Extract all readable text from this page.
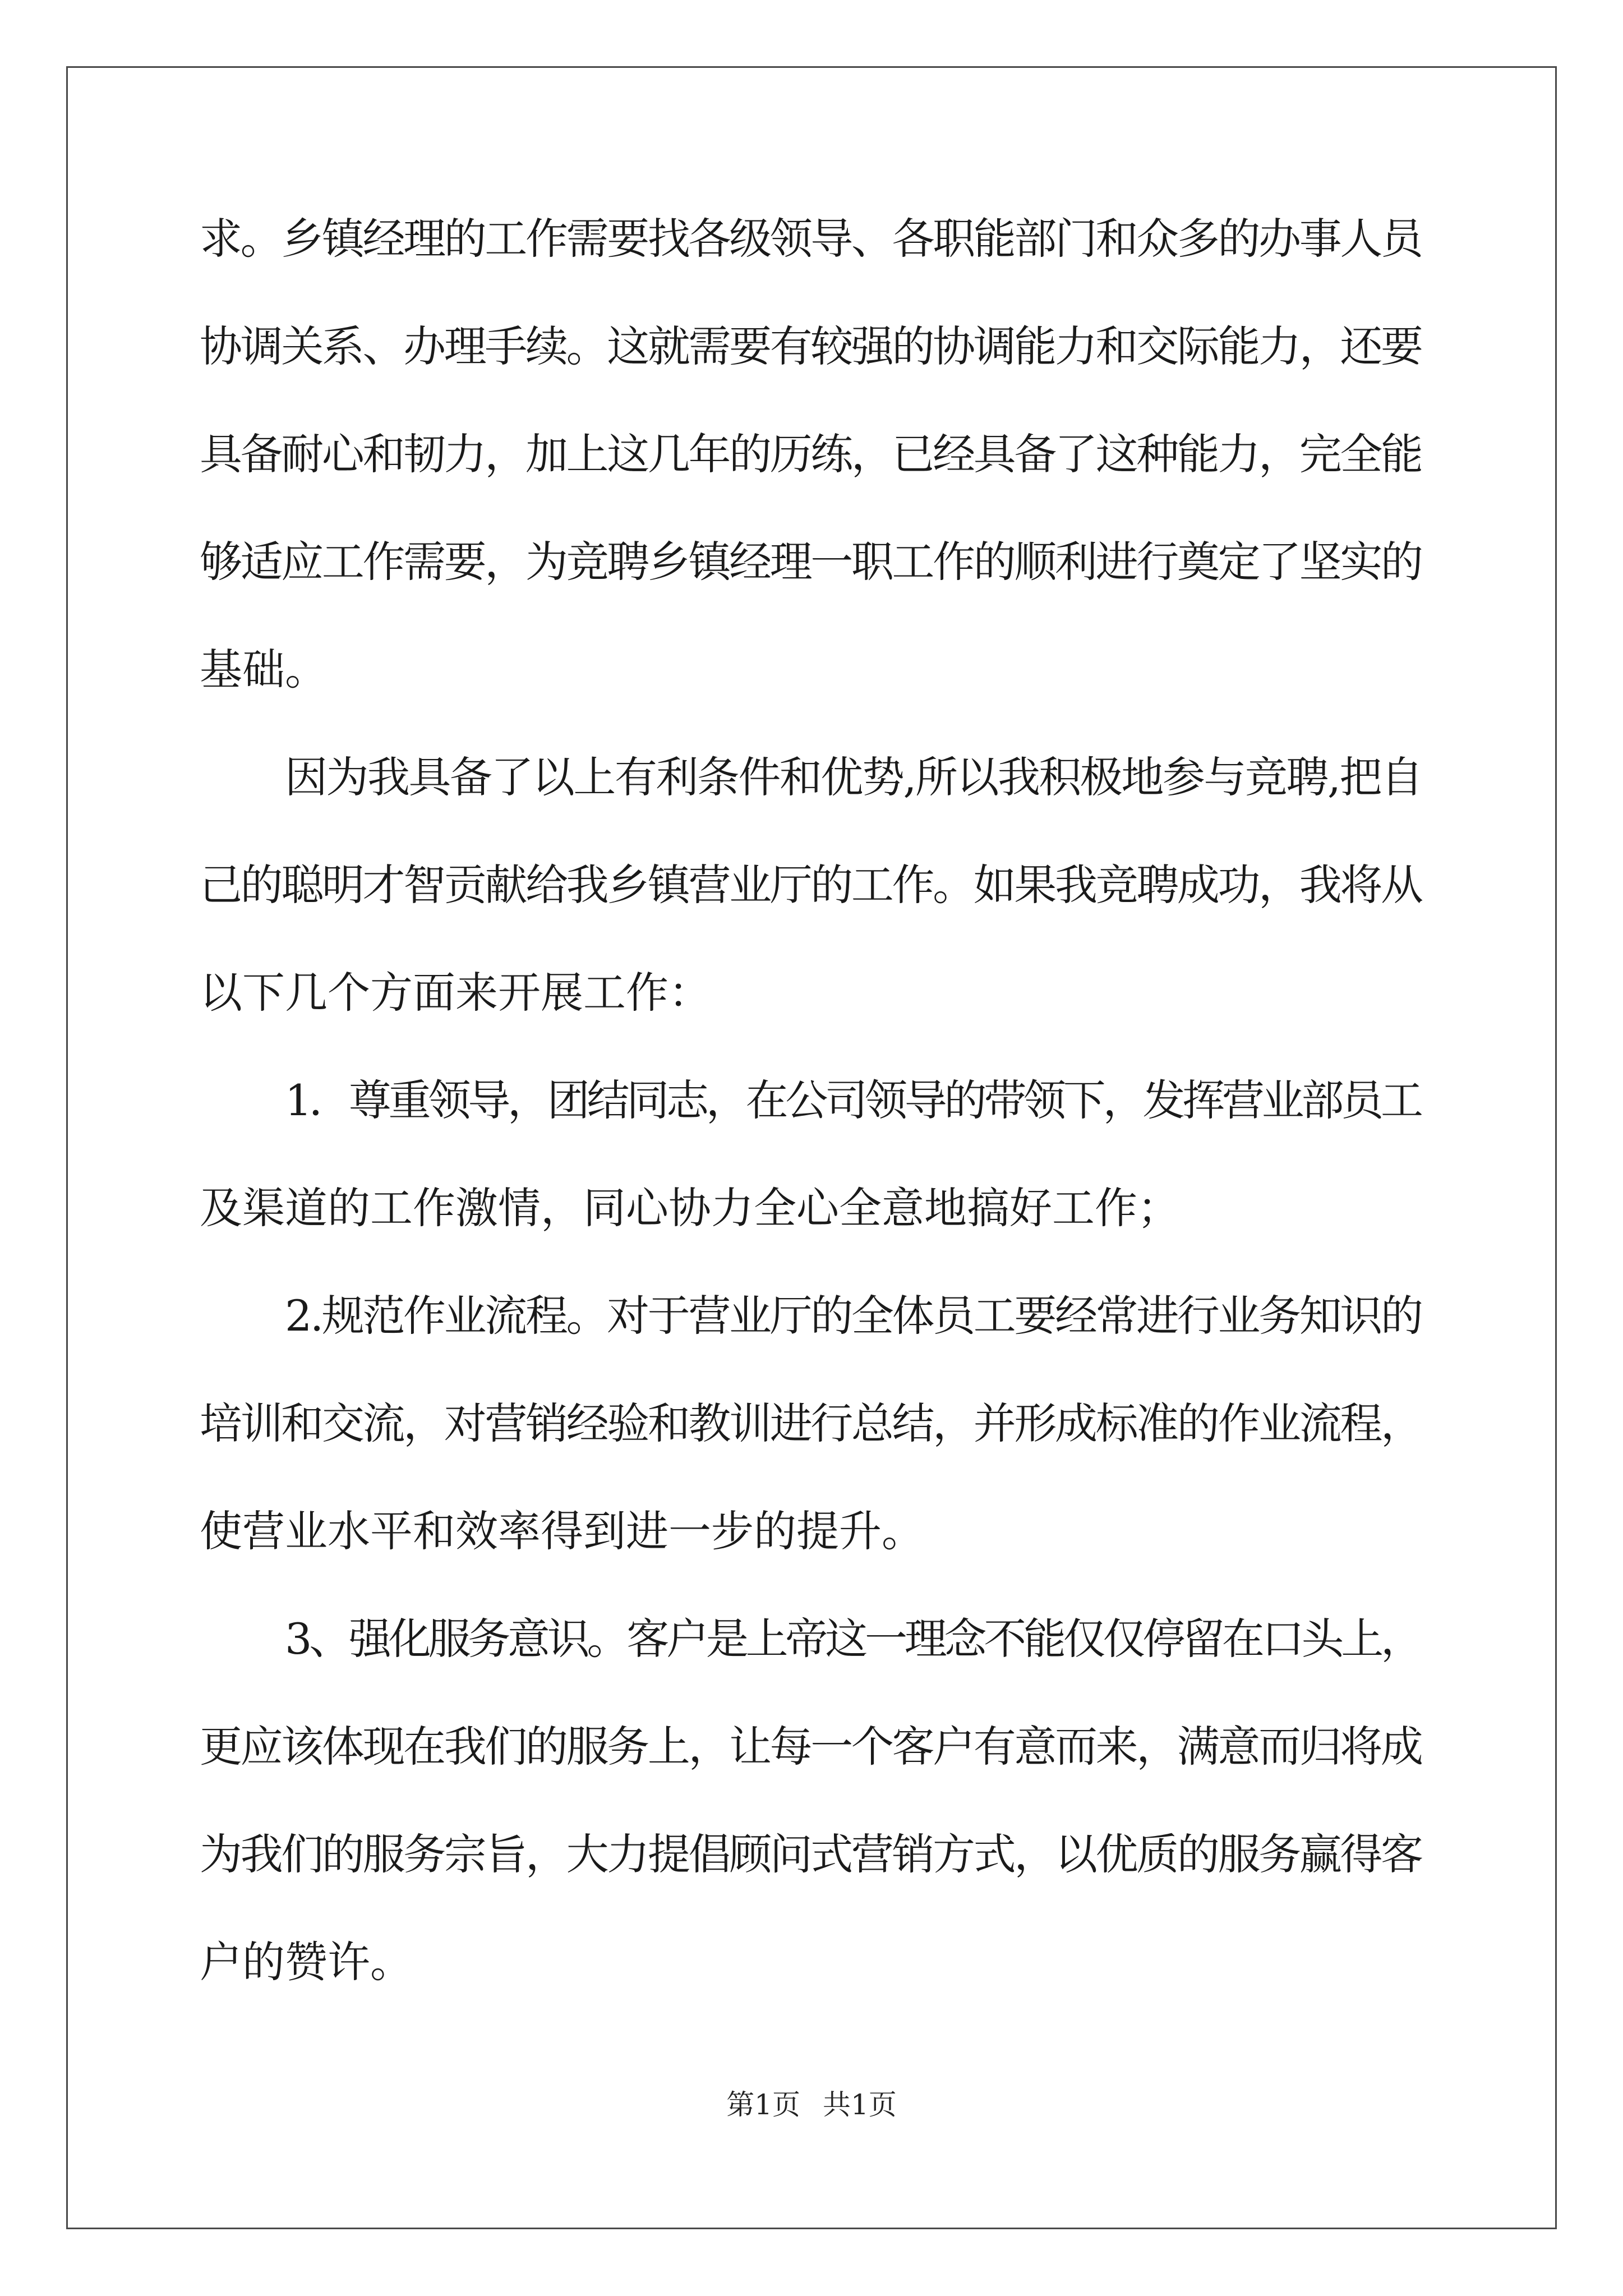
求。乡镇经理的工作需要找各级领导、各职能部门和众多的办事人员
协调关系、办理手续。这就需要有较强的协调能力和交际能力，还要
具备耐心和韧力，加上这几年的历练，已经具备了这种能力，完全能
够适应工作需要，为竞聘乡镇经理一职工作的顺利进行奠定了坚实的
基础。
因为我具备了以上有利条件和优势,所以我积极地参与竞聘,把自
己的聪明才智贡献给我乡镇营业厅的工作。如果我竞聘成功，我将从
以下几个方面来开展工作：
1．尊重领导，团结同志，在公司领导的带领下，发挥营业部员工
及渠道的工作激情，同心协力全心全意地搞好工作；
2.规范作业流程。对于营业厅的全体员工要经常进行业务知识的
培训和交流，对营销经验和教训进行总结，并形成标准的作业流程，
使营业水平和效率得到进一步的提升。
3、强化服务意识。客户是上帝这一理念不能仅仅停留在口头上，
更应该体现在我们的服务上，让每一个客户有意而来，满意而归将成
为我们的服务宗旨，大力提倡顾问式营销方式，以优质的服务赢得客
户的赞许。
第1页 共1页
